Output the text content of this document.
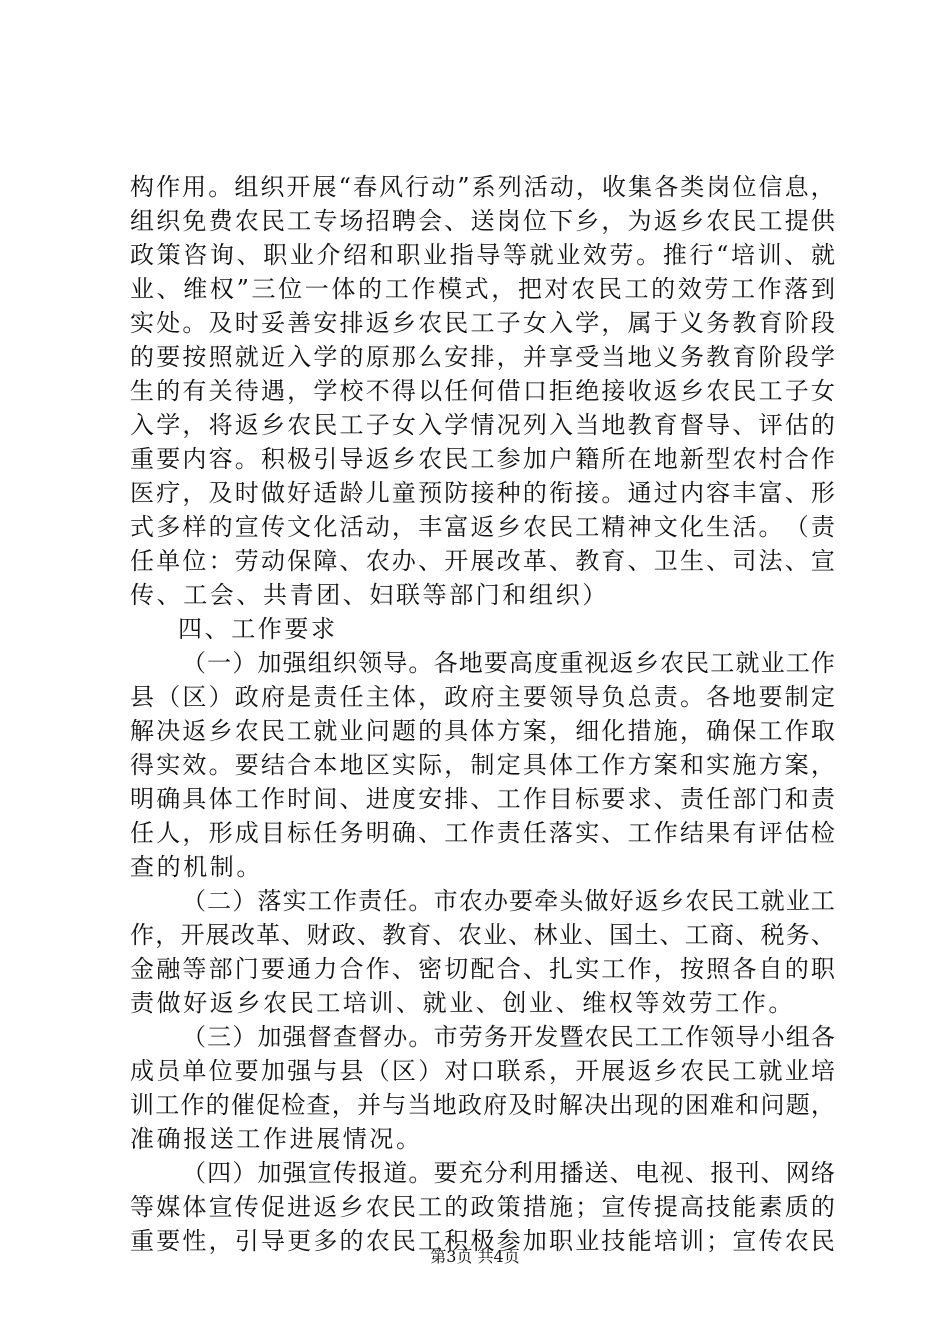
构 作 用 。 组 织 开 展 “ 春 风 行 动 ” 系 列 活 动 ， 收 集 各 类 岗 位 信 息 ，
组 织 免 费 农 民 工 专 场 招 聘 会 、 送 岗 位 下 乡 ， 为 返 乡 农 民 工 提 供
政 策 咨 询 、 职 业 介 绍 和 职 业 指 导 等 就 业 效 劳 。 推 行 “ 培 训 、 就
业 、 维 权 ” 三 位 一 体 的 工 作 模 式 ， 把 对 农 民 工 的 效 劳 工 作 落 到
实 处 。 及 时 妥 善 安 排 返 乡 农 民 工 子 女 入 学 ， 属 于 义 务 教 育 阶 段
的 要 按 照 就 近 入 学 的 原 那 么 安 排 ， 并 享 受 当 地 义 务 教 育 阶 段 学
生 的 有 关 待 遇 ， 学 校 不 得 以 任 何 借 口 拒 绝 接 收 返 乡 农 民 工 子 女
入 学 ， 将 返 乡 农 民 工 子 女 入 学 情 况 列 入 当 地 教 育 督 导 、 评 估 的
重 要 内 容 。 积 极 引 导 返 乡 农 民 工 参 加 户 籍 所 在 地 新 型 农 村 合 作
医 疗 ， 及 时 做 好 适 龄 儿 童 预 防 接 种 的 衔 接 。 通 过 内 容 丰 富 、 形
式 多 样 的 宣 传 文 化 活 动 ， 丰 富 返 乡 农 民 工 精 神 文 化 生 活 。 （ 责
任 单 位 ： 劳 动 保 障 、 农 办 、 开 展 改 革 、 教 育 、 卫 生 、 司 法 、 宣
传、工会、共青团、妇联等部门和组织）
四、工作要求
（ 一 ） 加 强 组 织 领 导 。 各 地 要 高 度 重 视 返 乡 农 民 工 就 业 工 作
县 （ 区 ） 政 府 是 责 任 主 体 ， 政 府 主 要 领 导 负 总 责 。 各 地 要 制 定
解 决 返 乡 农 民 工 就 业 问 题 的 具 体 方 案 ， 细 化 措 施 ， 确 保 工 作 取
得 实 效 。 要 结 合 本 地 区 实 际 ， 制 定 具 体 工 作 方 案 和 实 施 方 案 ，
明 确 具 体 工 作 时 间 、 进 度 安 排 、 工 作 目 标 要 求 、 责 任 部 门 和 责
任 人 ， 形 成 目 标 任 务 明 确 、 工 作 责 任 落 实 、 工 作 结 果 有 评 估 检
查的机制。
（ 二 ） 落 实 工 作 责 任 。 市 农 办 要 牵 头 做 好 返 乡 农 民 工 就 业 工
作 ， 开 展 改 革 、 财 政 、 教 育 、 农 业 、 林 业 、 国 土 、 工 商 、 税 务 、
金 融 等 部 门 要 通 力 合 作 、 密 切 配 合 、 扎 实 工 作 ， 按 照 各 自 的 职
责做好返乡农民工培训、就业、创业、维权等效劳工作。
（ 三 ） 加 强 督 查 督 办 。 市 劳 务 开 发 暨 农 民 工 工 作 领 导 小 组 各
成 员 单 位 要 加 强 与 县 （ 区 ） 对 口 联 系 ， 开 展 返 乡 农 民 工 就 业 培
训 工 作 的 催 促 检 查 ， 并 与 当 地 政 府 及 时 解 决 出 现 的 困 难 和 问 题 ，
准确报送工作进展情况。
（ 四 ） 加 强 宣 传 报 道 。 要 充 分 利 用 播 送 、 电 视 、 报 刊 、 网 络
等 媒 体 宣 传 促 进 返 乡 农 民 工 的 政 策 措 施 ； 宣 传 提 高 技 能 素 质 的
重 要 性 ， 引 导 更 多 的 农 民 工 积 极 参 加 职 业 技 能 培 训 ； 宣 传 农 民
第3页 共4页
